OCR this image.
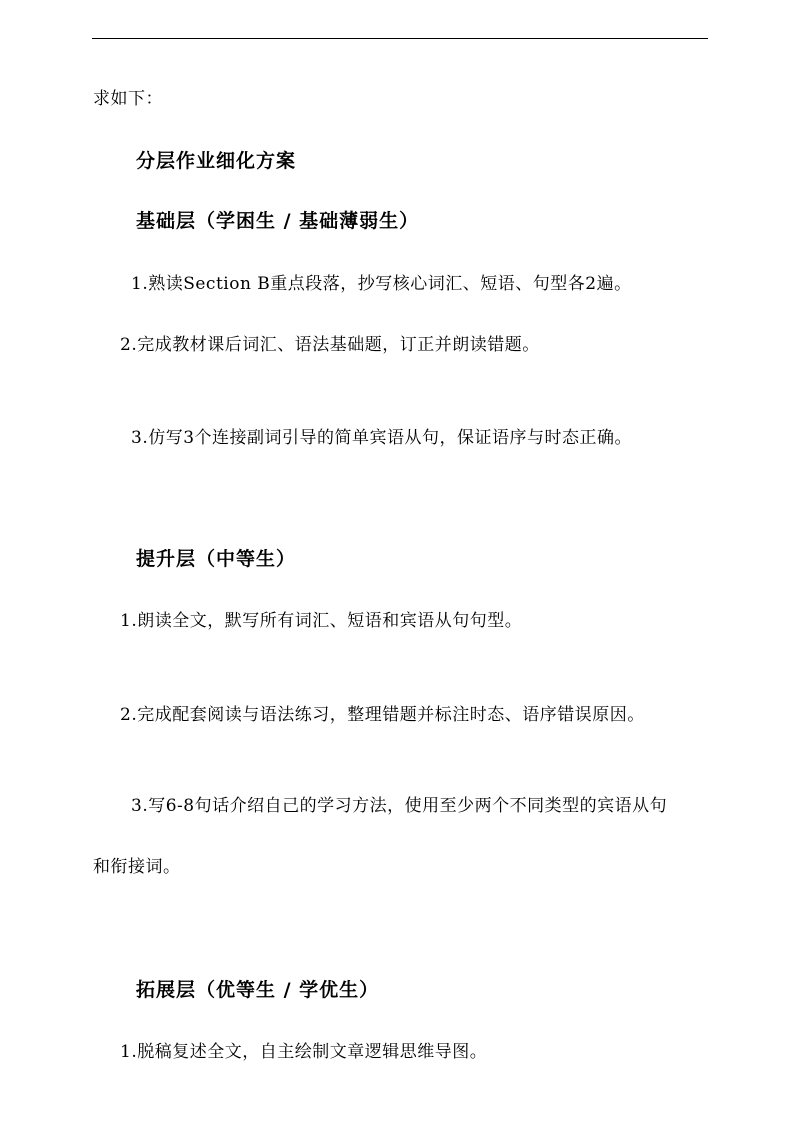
求如下：
分层作业细化方案
基础层（学困生 / 基础薄弱生）
1.熟读Section B重点段落，抄写核心词汇、短语、句型各2遍。
2.完成教材课后词汇、语法基础题，订正并朗读错题。
3.仿写3个连接副词引导的简单宾语从句，保证语序与时态正确。
提升层（中等生）
1.朗读全文，默写所有词汇、短语和宾语从句句型。
2.完成配套阅读与语法练习，整理错题并标注时态、语序错误原因。
3.写6-8句话介绍自己的学习方法，使用至少两个不同类型的宾语从句
和衔接词。
拓展层（优等生 / 学优生）
1.脱稿复述全文，自主绘制文章逻辑思维导图。
